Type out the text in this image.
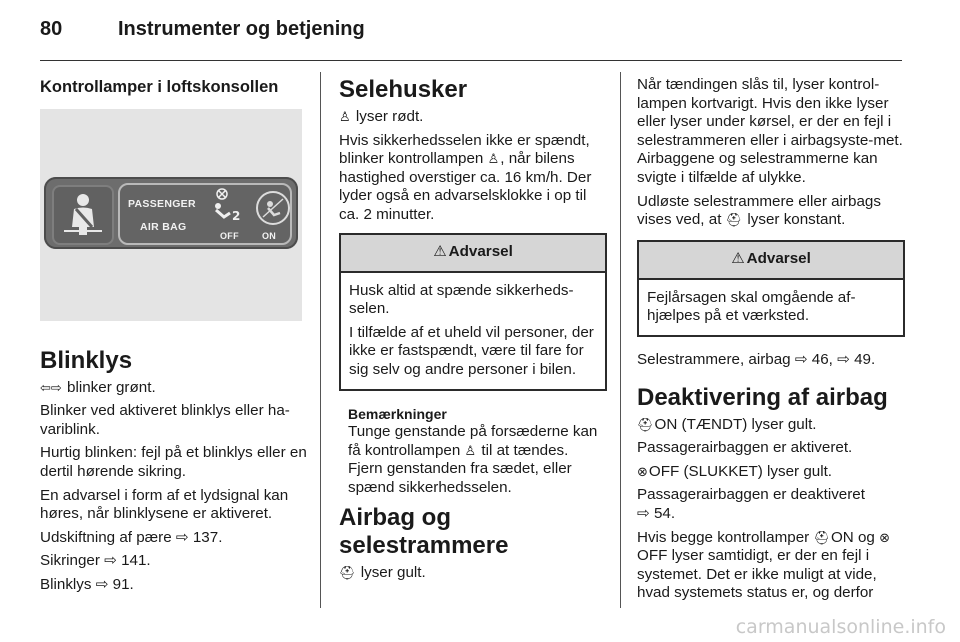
80	Instrumenter og betjening
Kontrollamper i loftskonsollen
PASSENGER
AIR BAG
2
OFF	ON
Blinklys

⇦⇨ blinker grønt.

Blinker ved aktiveret blinklys eller ha-variblink.

Hurtig blinken: fejl på et blinklys eller en dertil hørende sikring.

En advarsel i form af et lydsignal kan høres, når blinklysene er aktiveret.

Udskiftning af pære ⇨ 137.

Sikringer ⇨ 141.

Blinklys ⇨ 91.

Selehusker

♙ lyser rødt.

Hvis sikkerhedsselen ikke er spændt, blinker kontrollampen ♙, når bilens hastighed overstiger ca. 16 km/h. Der lyder også en advarselsklokke i op til ca. 2 minutter.

⚠ Advarsel

Husk altid at spænde sikkerheds-selen.

I tilfælde af et uheld vil personer, der ikke er fastspændt, være til fare for sig selv og andre personer i bilen.

Bemærkninger

Tunge genstande på forsæderne kan få kontrollampen ♙ til at tændes. Fjern genstanden fra sædet, eller spænd sikkerhedsselen.

Airbag og selestrammere

⛑ lyser gult.

Når tændingen slås til, lyser kontrol-lampen kortvarigt. Hvis den ikke lyser eller lyser under kørsel, er der en fejl i selestrammeren eller i airbagsyste-met. Airbaggene og selestrammerne kan svigte i tilfælde af ulykke.

Udløste selestrammere eller airbags vises ved, at ⛑ lyser konstant.

⚠ Advarsel

Fejlårsagen skal omgående af-hjælpes på et værksted.

Selestrammere, airbag ⇨ 46, ⇨ 49.

Deaktivering af airbag

⛑ON (TÆNDT) lyser gult.

Passagerairbaggen er aktiveret.

⊗OFF (SLUKKET) lyser gult.

Passagerairbaggen er deaktiveret
⇨ 54.

Hvis begge kontrollamper ⛑ON og ⊗OFF lyser samtidigt, er der en fejl i systemet. Det er ikke muligt at vide, hvad systemets status er, og derfor

carmanualsonline.info
